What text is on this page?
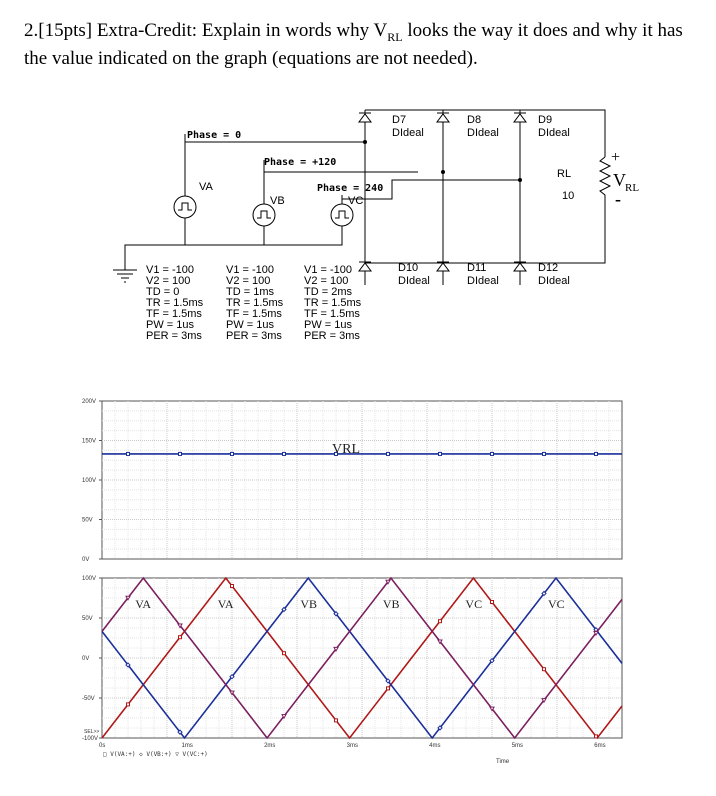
2.[15pts] Extra-Credit: Explain in words why $V_{RL}$ looks the way it does and why it has the value indicated on the graph (equations are not needed).
Phase = 0
Phase = +120
Phase = 240
VA
VB	VC
V1 = -100
V2 = 100
TD = 0
TR = 1.5ms
TF = 1.5ms
PW = 1us
PER = 3ms
V1 = -100
V2 = 100
TD = 1ms
TR = 1.5ms
TF = 1.5ms
PW = 1us
PER = 3ms
V1 = -100
V2 = 100
TD = 2ms
TR = 1.5ms
TF = 1.5ms
PW = 1us
PER = 3ms
D7
DIdeal
D8
DIdeal
D9
DIdeal
D10
DIdeal
D11
DIdeal
D12
DIdeal
RL
10
+
V RL
-
200V
150V
100V
50V
0V
VRL
100V
50V
0V
-50V
-100V
0s	1ms	2ms	3ms	4ms	5ms	6ms
VA	VB	VC
VA	VB	VC
SEL>>
□ V(VA:+) ◇ V(VB:+) ▽ V(VC:+)
Time
